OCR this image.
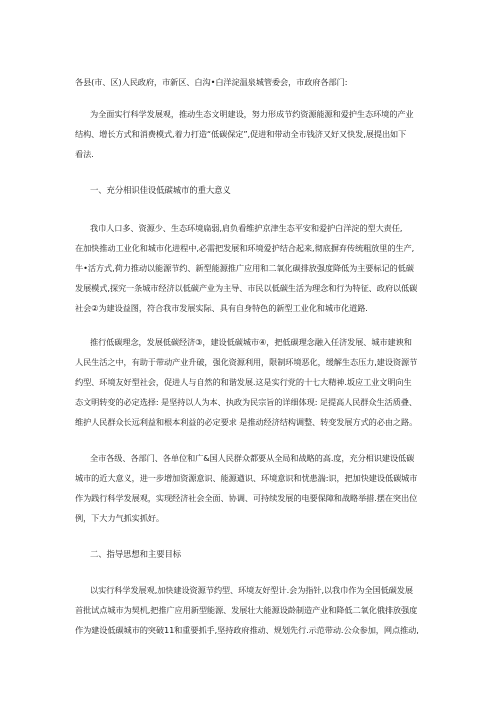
各县(市、区)人民政府，市新区、白沟•白洋淀温泉城管委会，市政府各部门:
为全面实行科学发展观，推动生态文明建设，努力形成节约资源能源和爱护生态环境的产业
结构、增长方式和消费模式,着力打造“低碳保定”,促进和带动全市钱济又好又快发,展提出如下
看法.
一、充分相识佳设低碳城市的重大意义
我巾人口多、资源少、生态环境扁弱,肩负看维护京津生态平安和爱护白洋淀的型大责任,
在加快推动工业化和城市化进程中,必需把发展和环境爱护结合起来,彻底摒弃传统粗放里的生产,
牛•活方式,荷力推动以能源节约、新型能源推广应用和二氧化碳排放强度降低为主要标记的低碳
发展模式,探究一条城市经济以低碳产业为主导、市民以低碳生活为理念和行为特征、政府以低碳
社会②为建设益图，符合我市发展实际、具有自身特色的新型工业化和城市化道路.
推行低碳理念，发展低碳经济③，建设低碳城市④，把低碳理念融入任济发展、城市建谀和
人民生活之中，有助于带动产业升破，强化资源利用，限制环境恶化，缓解生态压力,建设资源节
约型、环境友好型社会，促进人与自然的和谐发展.这是实行党的十七大精神.坂应工业文明向生
态文明转变的必定选择: 是坚持以人为本、执政为民宗旨的详细体现: 足提高人民群众生活质叠、
维护人民群众长远利益和根本利益的必定要求 是推动经济结构调整、转变发展方式的必由之路。
全市各级、各部门、各单位和广&国人民群众都要从全局和战略的高.度，充分相识建设低碳
城市的近大意义，进一步增加资源意识、能源遒识、环境意识和忧患湍:识，把加快建设低碳城市
作为践行科学发展观，实现经济社会全面、协调、可持续发展的电要保障和战略举措.摆在突出位
例，下大力气抓实抓好。
二、指导思想和主要目标
以实行科学发展观,加快建设资源节约型、环境友好型计.会为指针,以我巾作为全国低碳发展
首批试点城市为契机,把推广应用新型能源、发展壮大能源设龄制造产业和降低二氧化俄排放强度
作为建设低碳城市的突破11和重要抓手,坚持政府推动、规划先行.示范带动.公众参加，网点推动,
